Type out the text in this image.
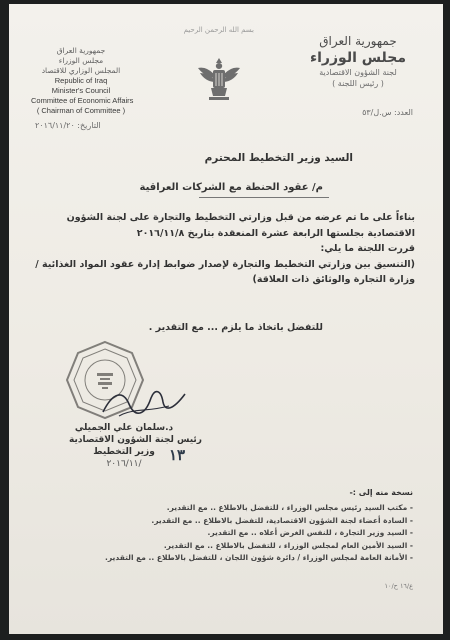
جمهورية العراق
مجلس الوزراء
المجلس الوزاري للاقتصاد
Republic of Iraq
Minister's Council
Committee of Economic Affairs
( Chairman of Committee )
بسم الله الرحمن الرحيم
جمهورية العراق
مجلس الوزراء
لجنة الشؤون الاقتصادية
( رئيس اللجنة )
التاريخ: ٢٠١٦/١١/٢٠
العدد: س.ل/٥٣
السيد وزير التخطيط المحترم
م/ عقود الحنطة مع الشركات العراقية

بناءاً على ما تم عرضه من قبل وزارتي التخطيط والتجارة على لجنة الشؤون الاقتصادية بجلستها الرابعة عشرة المنعقدة بتاريخ ٢٠١٦/١١/٨

قررت اللجنة ما يلي:

(التنسيق بين وزارتي التخطيط والتجارة لإصدار ضوابط إدارة عقود المواد الغذائية / وزارة التجارة والوثائق ذات العلاقة)

للتفضل باتخاذ ما يلزم ... مع التقدير .
د.سلمان علي الجميلي
رئيس لجنة الشؤون الاقتصادية
وزير التخطيط
٢٠١٦/١١/	١٣
نسخة منه إلى :-
- مكتب السيد رئيس مجلس الوزراء ، للتفضل بالاطلاع .. مع التقدير.
- السادة أعضاء لجنة الشؤون الاقتصادية، للتفضل بالاطلاع .. مع التقدير.
- السيد وزير التجارة ، للنفس الغرض أعلاه .. مع التقدير.
- السيد الأمين العام لمجلس الوزراء ، للتفضل بالاطلاع .. مع التقدير.
- الأمانة العامة لمجلس الوزراء / دائرة شؤون اللجان ، للتفضل بالاطلاع .. مع التقدير.
ع/١٦ ح/١٠
